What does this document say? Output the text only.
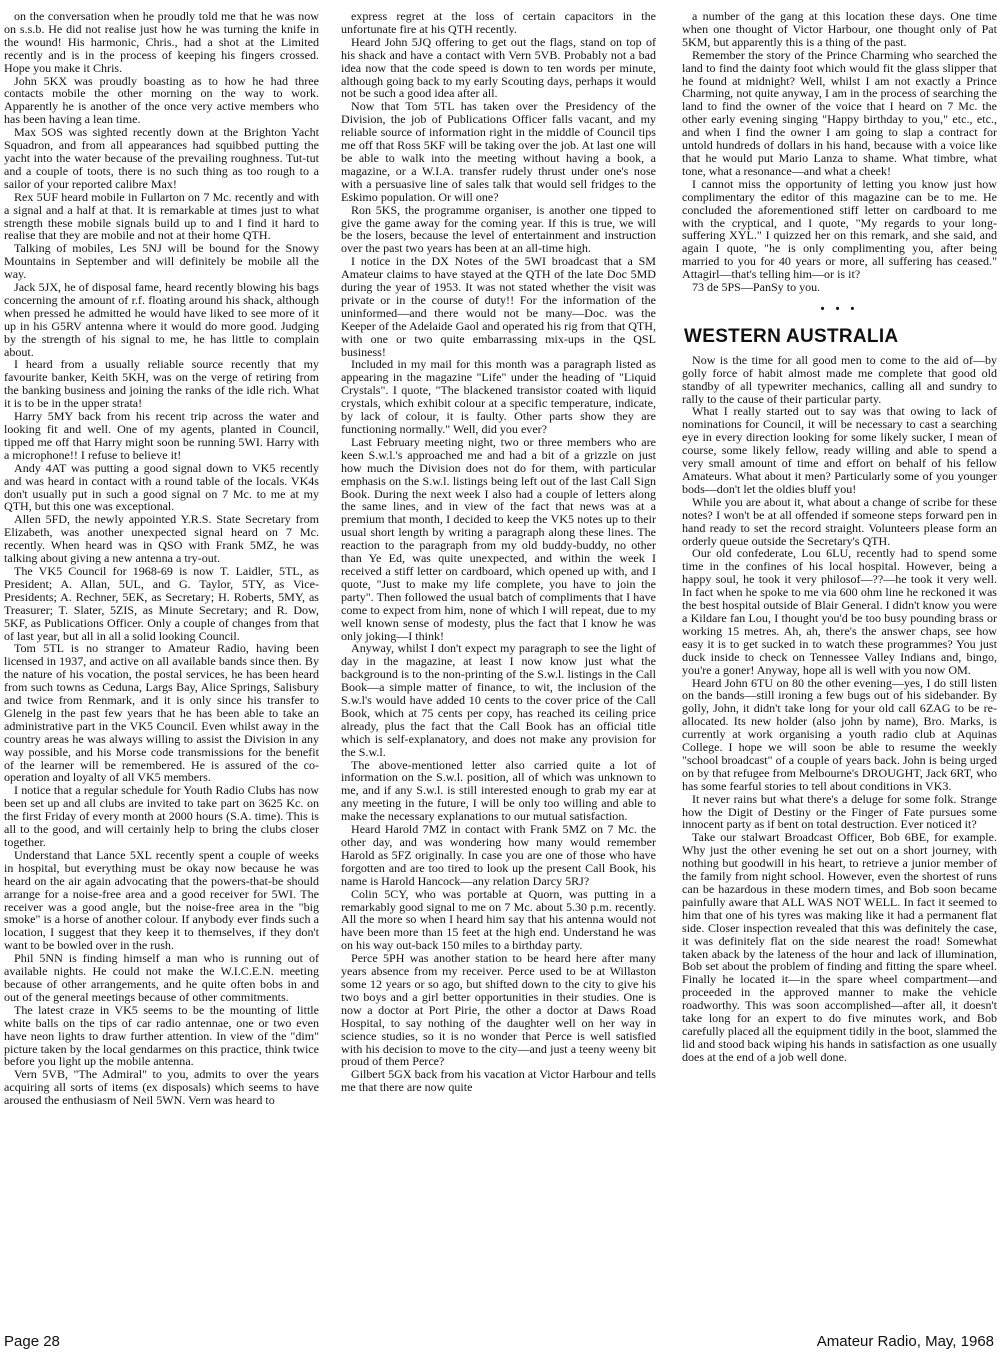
on the conversation when he proudly told me that he was now on s.s.b. He did not realise just how he was turning the knife in the wound! His harmonic, Chris., had a shot at the Limited recently and is in the process of keeping his fingers crossed. Hope you make it Chris.

John 5KX was proudly boasting as to how he had three contacts mobile the other morning on the way to work. Apparently he is another of the once very active members who has been having a lean time.

Max 5OS was sighted recently down at the Brighton Yacht Squadron, and from all appearances had squibbed putting the yacht into the water because of the prevailing roughness. Tut-tut and a couple of toots, there is no such thing as too rough to a sailor of your reported calibre Max!

Rex 5UF heard mobile in Fullarton on 7 Mc. recently and with a signal and a half at that. It is remarkable at times just to what strength these mobile signals build up to and I find it hard to realise that they are mobile and not at their home QTH.

Talking of mobiles, Les 5NJ will be bound for the Snowy Mountains in September and will definitely be mobile all the way.

Jack 5JX, he of disposal fame, heard recently blowing his bags concerning the amount of r.f. floating around his shack, although when pressed he admitted he would have liked to see more of it up in his G5RV antenna where it would do more good. Judging by the strength of his signal to me, he has little to complain about.

I heard from a usually reliable source recently that my favourite banker, Keith 5KH, was on the verge of retiring from the banking business and joining the ranks of the idle rich. What it is to be in the upper strata!

Harry 5MY back from his recent trip across the water and looking fit and well. One of my agents, planted in Council, tipped me off that Harry might soon be running 5WI. Harry with a microphone!! I refuse to believe it!

Andy 4AT was putting a good signal down to VK5 recently and was heard in contact with a round table of the locals. VK4s don't usually put in such a good signal on 7 Mc. to me at my QTH, but this one was exceptional.

Allen 5FD, the newly appointed Y.R.S. State Secretary from Elizabeth, was another unexpected signal heard on 7 Mc. recently. When heard was in QSO with Frank 5MZ, he was talking about giving a new antenna a try-out.

The VK5 Council for 1968-69 is now T. Laidler, 5TL, as President; A. Allan, 5UL, and G. Taylor, 5TY, as Vice-Presidents; A. Rechner, 5EK, as Secretary; H. Roberts, 5MY, as Treasurer; T. Slater, 5ZIS, as Minute Secretary; and R. Dow, 5KF, as Publications Officer. Only a couple of changes from that of last year, but all in all a solid looking Council.

Tom 5TL is no stranger to Amateur Radio, having been licensed in 1937, and active on all available bands since then. By the nature of his vocation, the postal services, he has been heard from such towns as Ceduna, Largs Bay, Alice Springs, Salisbury and twice from Renmark, and it is only since his transfer to Glenelg in the past few years that he has been able to take an administrative part in the VK5 Council. Even whilst away in the country areas he was always willing to assist the Division in any way possible, and his Morse code transmissions for the benefit of the learner will be remembered. He is assured of the co-operation and loyalty of all VK5 members.

I notice that a regular schedule for Youth Radio Clubs has now been set up and all clubs are invited to take part on 3625 Kc. on the first Friday of every month at 2000 hours (S.A. time). This is all to the good, and will certainly help to bring the clubs closer together.

Understand that Lance 5XL recently spent a couple of weeks in hospital, but everything must be okay now because he was heard on the air again advocating that the powers-that-be should arrange for a noise-free area and a good receiver for 5WI. The receiver was a good angle, but the noise-free area in the "big smoke" is a horse of another colour. If anybody ever finds such a location, I suggest that they keep it to themselves, if they don't want to be bowled over in the rush.

Phil 5NN is finding himself a man who is running out of available nights. He could not make the W.I.C.E.N. meeting because of other arrangements, and he quite often bobs in and out of the general meetings because of other commitments.

The latest craze in VK5 seems to be the mounting of little white balls on the tips of car radio antennae, one or two even have neon lights to draw further attention. In view of the "dim" picture taken by the local gendarmes on this practice, think twice before you light up the mobile antenna.

Vern 5VB, "The Admiral" to you, admits to over the years acquiring all sorts of items (ex disposals) which seems to have aroused the enthusiasm of Neil 5WN. Vern was heard to

express regret at the loss of certain capacitors in the unfortunate fire at his QTH recently.

Heard John 5JQ offering to get out the flags, stand on top of his shack and have a contact with Vern 5VB. Probably not a bad idea now that the code speed is down to ten words per minute, although going back to my early Scouting days, perhaps it would not be such a good idea after all.

Now that Tom 5TL has taken over the Presidency of the Division, the job of Publications Officer falls vacant, and my reliable source of information right in the middle of Council tips me off that Ross 5KF will be taking over the job. At last one will be able to walk into the meeting without having a book, a magazine, or a W.I.A. transfer rudely thrust under one's nose with a persuasive line of sales talk that would sell fridges to the Eskimo population. Or will one?

Ron 5KS, the programme organiser, is another one tipped to give the game away for the coming year. If this is true, we will be the losers, because the level of entertainment and instruction over the past two years has been at an all-time high.

I notice in the DX Notes of the 5WI broadcast that a SM Amateur claims to have stayed at the QTH of the late Doc 5MD during the year of 1953. It was not stated whether the visit was private or in the course of duty!! For the information of the uninformed—and there would not be many—Doc. was the Keeper of the Adelaide Gaol and operated his rig from that QTH, with one or two quite embarrassing mix-ups in the QSL business!

Included in my mail for this month was a paragraph listed as appearing in the magazine "Life" under the heading of "Liquid Crystals". I quote, "The blackened transistor coated with liquid crystals, which exhibit colour at a specific temperature, indicate, by lack of colour, it is faulty. Other parts show they are functioning normally." Well, did you ever?

Last February meeting night, two or three members who are keen S.w.l.'s approached me and had a bit of a grizzle on just how much the Division does not do for them, with particular emphasis on the S.w.l. listings being left out of the last Call Sign Book. During the next week I also had a couple of letters along the same lines, and in view of the fact that news was at a premium that month, I decided to keep the VK5 notes up to their usual short length by writing a paragraph along these lines. The reaction to the paragraph from my old buddy-buddy, no other than Ye Ed, was quite unexpected, and within the week I received a stiff letter on cardboard, which opened up with, and I quote, "Just to make my life complete, you have to join the party". Then followed the usual batch of compliments that I have come to expect from him, none of which I will repeat, due to my well known sense of modesty, plus the fact that I know he was only joking—I think!

Anyway, whilst I don't expect my paragraph to see the light of day in the magazine, at least I now know just what the background is to the non-printing of the S.w.l. listings in the Call Book—a simple matter of finance, to wit, the inclusion of the S.w.l's would have added 10 cents to the cover price of the Call Book, which at 75 cents per copy, has reached its ceiling price already, plus the fact that the Call Book has an official title which is self-explanatory, and does not make any provision for the S.w.l.

The above-mentioned letter also carried quite a lot of information on the S.w.l. position, all of which was unknown to me, and if any S.w.l. is still interested enough to grab my ear at any meeting in the future, I will be only too willing and able to make the necessary explanations to our mutual satisfaction.

Heard Harold 7MZ in contact with Frank 5MZ on 7 Mc. the other day, and was wondering how many would remember Harold as 5FZ originally. In case you are one of those who have forgotten and are too tired to look up the present Call Book, his name is Harold Hancock—any relation Darcy 5RJ?

Colin 5CY, who was portable at Quorn, was putting in a remarkably good signal to me on 7 Mc. about 5.30 p.m. recently. All the more so when I heard him say that his antenna would not have been more than 15 feet at the high end. Understand he was on his way out-back 150 miles to a birthday party.

Perce 5PH was another station to be heard here after many years absence from my receiver. Perce used to be at Willaston some 12 years or so ago, but shifted down to the city to give his two boys and a girl better opportunities in their studies. One is now a doctor at Port Pirie, the other a doctor at Daws Road Hospital, to say nothing of the daughter well on her way in science studies, so it is no wonder that Perce is well satisfied with his decision to move to the city—and just a teeny weeny bit proud of them Perce?

Gilbert 5GX back from his vacation at Victor Harbour and tells me that there are now quite

a number of the gang at this location these days. One time when one thought of Victor Harbour, one thought only of Pat 5KM, but apparently this is a thing of the past.

Remember the story of the Prince Charming who searched the land to find the dainty foot which would fit the glass slipper that he found at midnight? Well, whilst I am not exactly a Prince Charming, not quite anyway, I am in the process of searching the land to find the owner of the voice that I heard on 7 Mc. the other early evening singing "Happy birthday to you," etc., etc., and when I find the owner I am going to slap a contract for untold hundreds of dollars in his hand, because with a voice like that he would put Mario Lanza to shame. What timbre, what tone, what a resonance—and what a cheek!

I cannot miss the opportunity of letting you know just how complimentary the editor of this magazine can be to me. He concluded the aforementioned stiff letter on cardboard to me with the cryptical, and I quote, "My regards to your long-suffering XYL." I quizzed her on this remark, and she said, and again I quote, "he is only complimenting you, after being married to you for 40 years or more, all suffering has ceased." Attagirl—that's telling him—or is it?

73 de 5PS—PanSy to you.

• • •
WESTERN AUSTRALIA

Now is the time for all good men to come to the aid of—by golly force of habit almost made me complete that good old standby of all typewriter mechanics, calling all and sundry to rally to the cause of their particular party.

What I really started out to say was that owing to lack of nominations for Council, it will be necessary to cast a searching eye in every direction looking for some likely sucker, I mean of course, some likely fellow, ready willing and able to spend a very small amount of time and effort on behalf of his fellow Amateurs. What about it men? Particularly some of you younger bods—don't let the oldies bluff you!

While you are about it, what about a change of scribe for these notes? I won't be at all offended if someone steps forward pen in hand ready to set the record straight. Volunteers please form an orderly queue outside the Secretary's QTH.

Our old confederate, Lou 6LU, recently had to spend some time in the confines of his local hospital. However, being a happy soul, he took it very philosof—??—he took it very well. In fact when he spoke to me via 600 ohm line he reckoned it was the best hospital outside of Blair General. I didn't know you were a Kildare fan Lou, I thought you'd be too busy pounding brass or working 15 metres. Ah, ah, there's the answer chaps, see how easy it is to get sucked in to watch these programmes? You just duck inside to check on Tennessee Valley Indians and, bingo, you're a goner! Anyway, hope all is well with you now OM.

Heard John 6TU on 80 the other evening—yes, I do still listen on the bands—still ironing a few bugs out of his sidebander. By golly, John, it didn't take long for your old call 6ZAG to be re-allocated. Its new holder (also john by name), Bro. Marks, is currently at work organising a youth radio club at Aquinas College. I hope we will soon be able to resume the weekly "school broadcast" of a couple of years back. John is being urged on by that refugee from Melbourne's DROUGHT, Jack 6RT, who has some fearful stories to tell about conditions in VK3.

It never rains but what there's a deluge for some folk. Strange how the Digit of Destiny or the Finger of Fate pursues some innocent party as if bent on total destruction. Ever noticed it?

Take our stalwart Broadcast Officer, Bob 6BE, for example. Why just the other evening he set out on a short journey, with nothing but goodwill in his heart, to retrieve a junior member of the family from night school. However, even the shortest of runs can be hazardous in these modern times, and Bob soon became painfully aware that ALL WAS NOT WELL. In fact it seemed to him that one of his tyres was making like it had a permanent flat side. Closer inspection revealed that this was definitely the case, it was definitely flat on the side nearest the road! Somewhat taken aback by the lateness of the hour and lack of illumination, Bob set about the problem of finding and fitting the spare wheel. Finally he located it—in the spare wheel compartment—and proceeded in the approved manner to make the vehicle roadworthy. This was soon accomplished—after all, it doesn't take long for an expert to do five minutes work, and Bob carefully placed all the equipment tidily in the boot, slammed the lid and stood back wiping his hands in satisfaction as one usually does at the end of a job well done.

Page 28	Amateur Radio, May, 1968
